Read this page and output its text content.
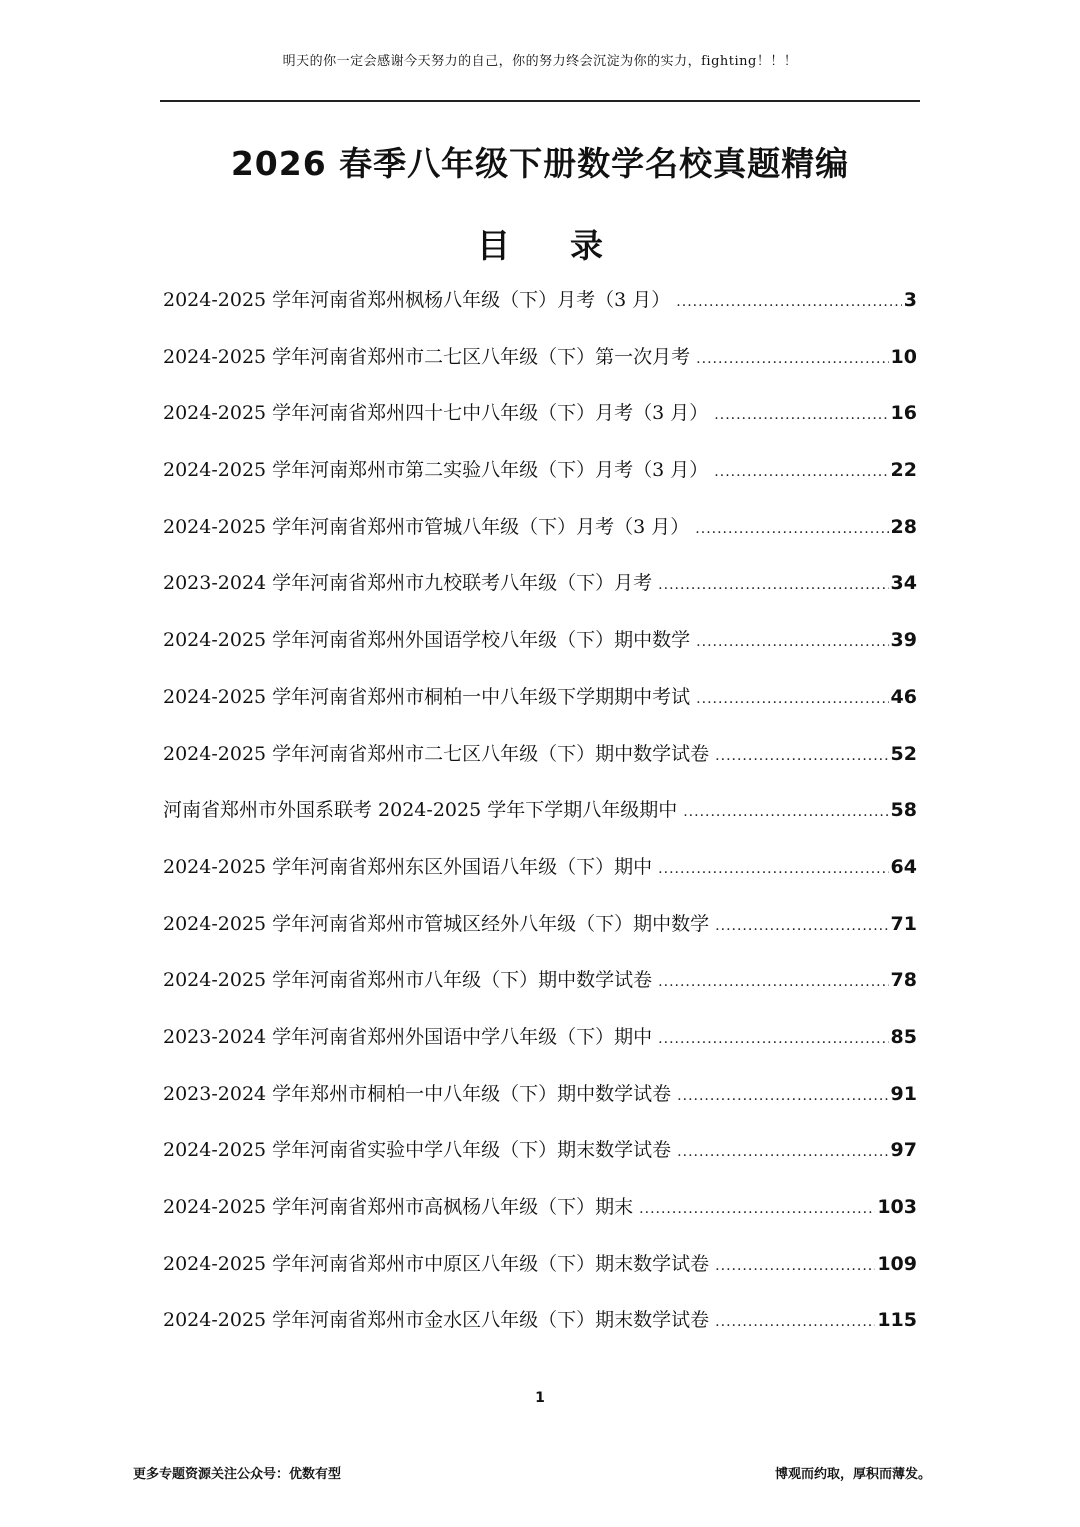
明天的你一定会感谢今天努力的自己，你的努力终会沉淀为你的实力，fighting！！！
2026 春季八年级下册数学名校真题精编
目 录
2024-2025 学年河南省郑州枫杨八年级（下）月考（3 月） .....	3
2024-2025 学年河南省郑州市二七区八年级（下）第一次月考 .....	10
2024-2025 学年河南省郑州四十七中八年级（下）月考（3 月） .....	16
2024-2025 学年河南郑州市第二实验八年级（下）月考（3 月） .....	22
2024-2025 学年河南省郑州市管城八年级（下）月考（3 月） .....	28
2023-2024 学年河南省郑州市九校联考八年级（下）月考 .....	34
2024-2025 学年河南省郑州外国语学校八年级（下）期中数学 .....	39
2024-2025 学年河南省郑州市桐柏一中八年级下学期期中考试 .....	46
2024-2025 学年河南省郑州市二七区八年级（下）期中数学试卷 .....	52
河南省郑州市外国系联考 2024-2025 学年下学期八年级期中 .....	58
2024-2025 学年河南省郑州东区外国语八年级（下）期中 .....	64
2024-2025 学年河南省郑州市管城区经外八年级（下）期中数学 .....	71
2024-2025 学年河南省郑州市八年级（下）期中数学试卷 .....	78
2023-2024 学年河南省郑州外国语中学八年级（下）期中 .....	85
2023-2024 学年郑州市桐柏一中八年级（下）期中数学试卷 .....	91
2024-2025 学年河南省实验中学八年级（下）期末数学试卷 .....	97
2024-2025 学年河南省郑州市高枫杨八年级（下）期末 .....	103
2024-2025 学年河南省郑州市中原区八年级（下）期末数学试卷 .....	109
2024-2025 学年河南省郑州市金水区八年级（下）期末数学试卷 .....	115
1
更多专题资源关注公众号：优数有型	博观而约取，厚积而薄发。
